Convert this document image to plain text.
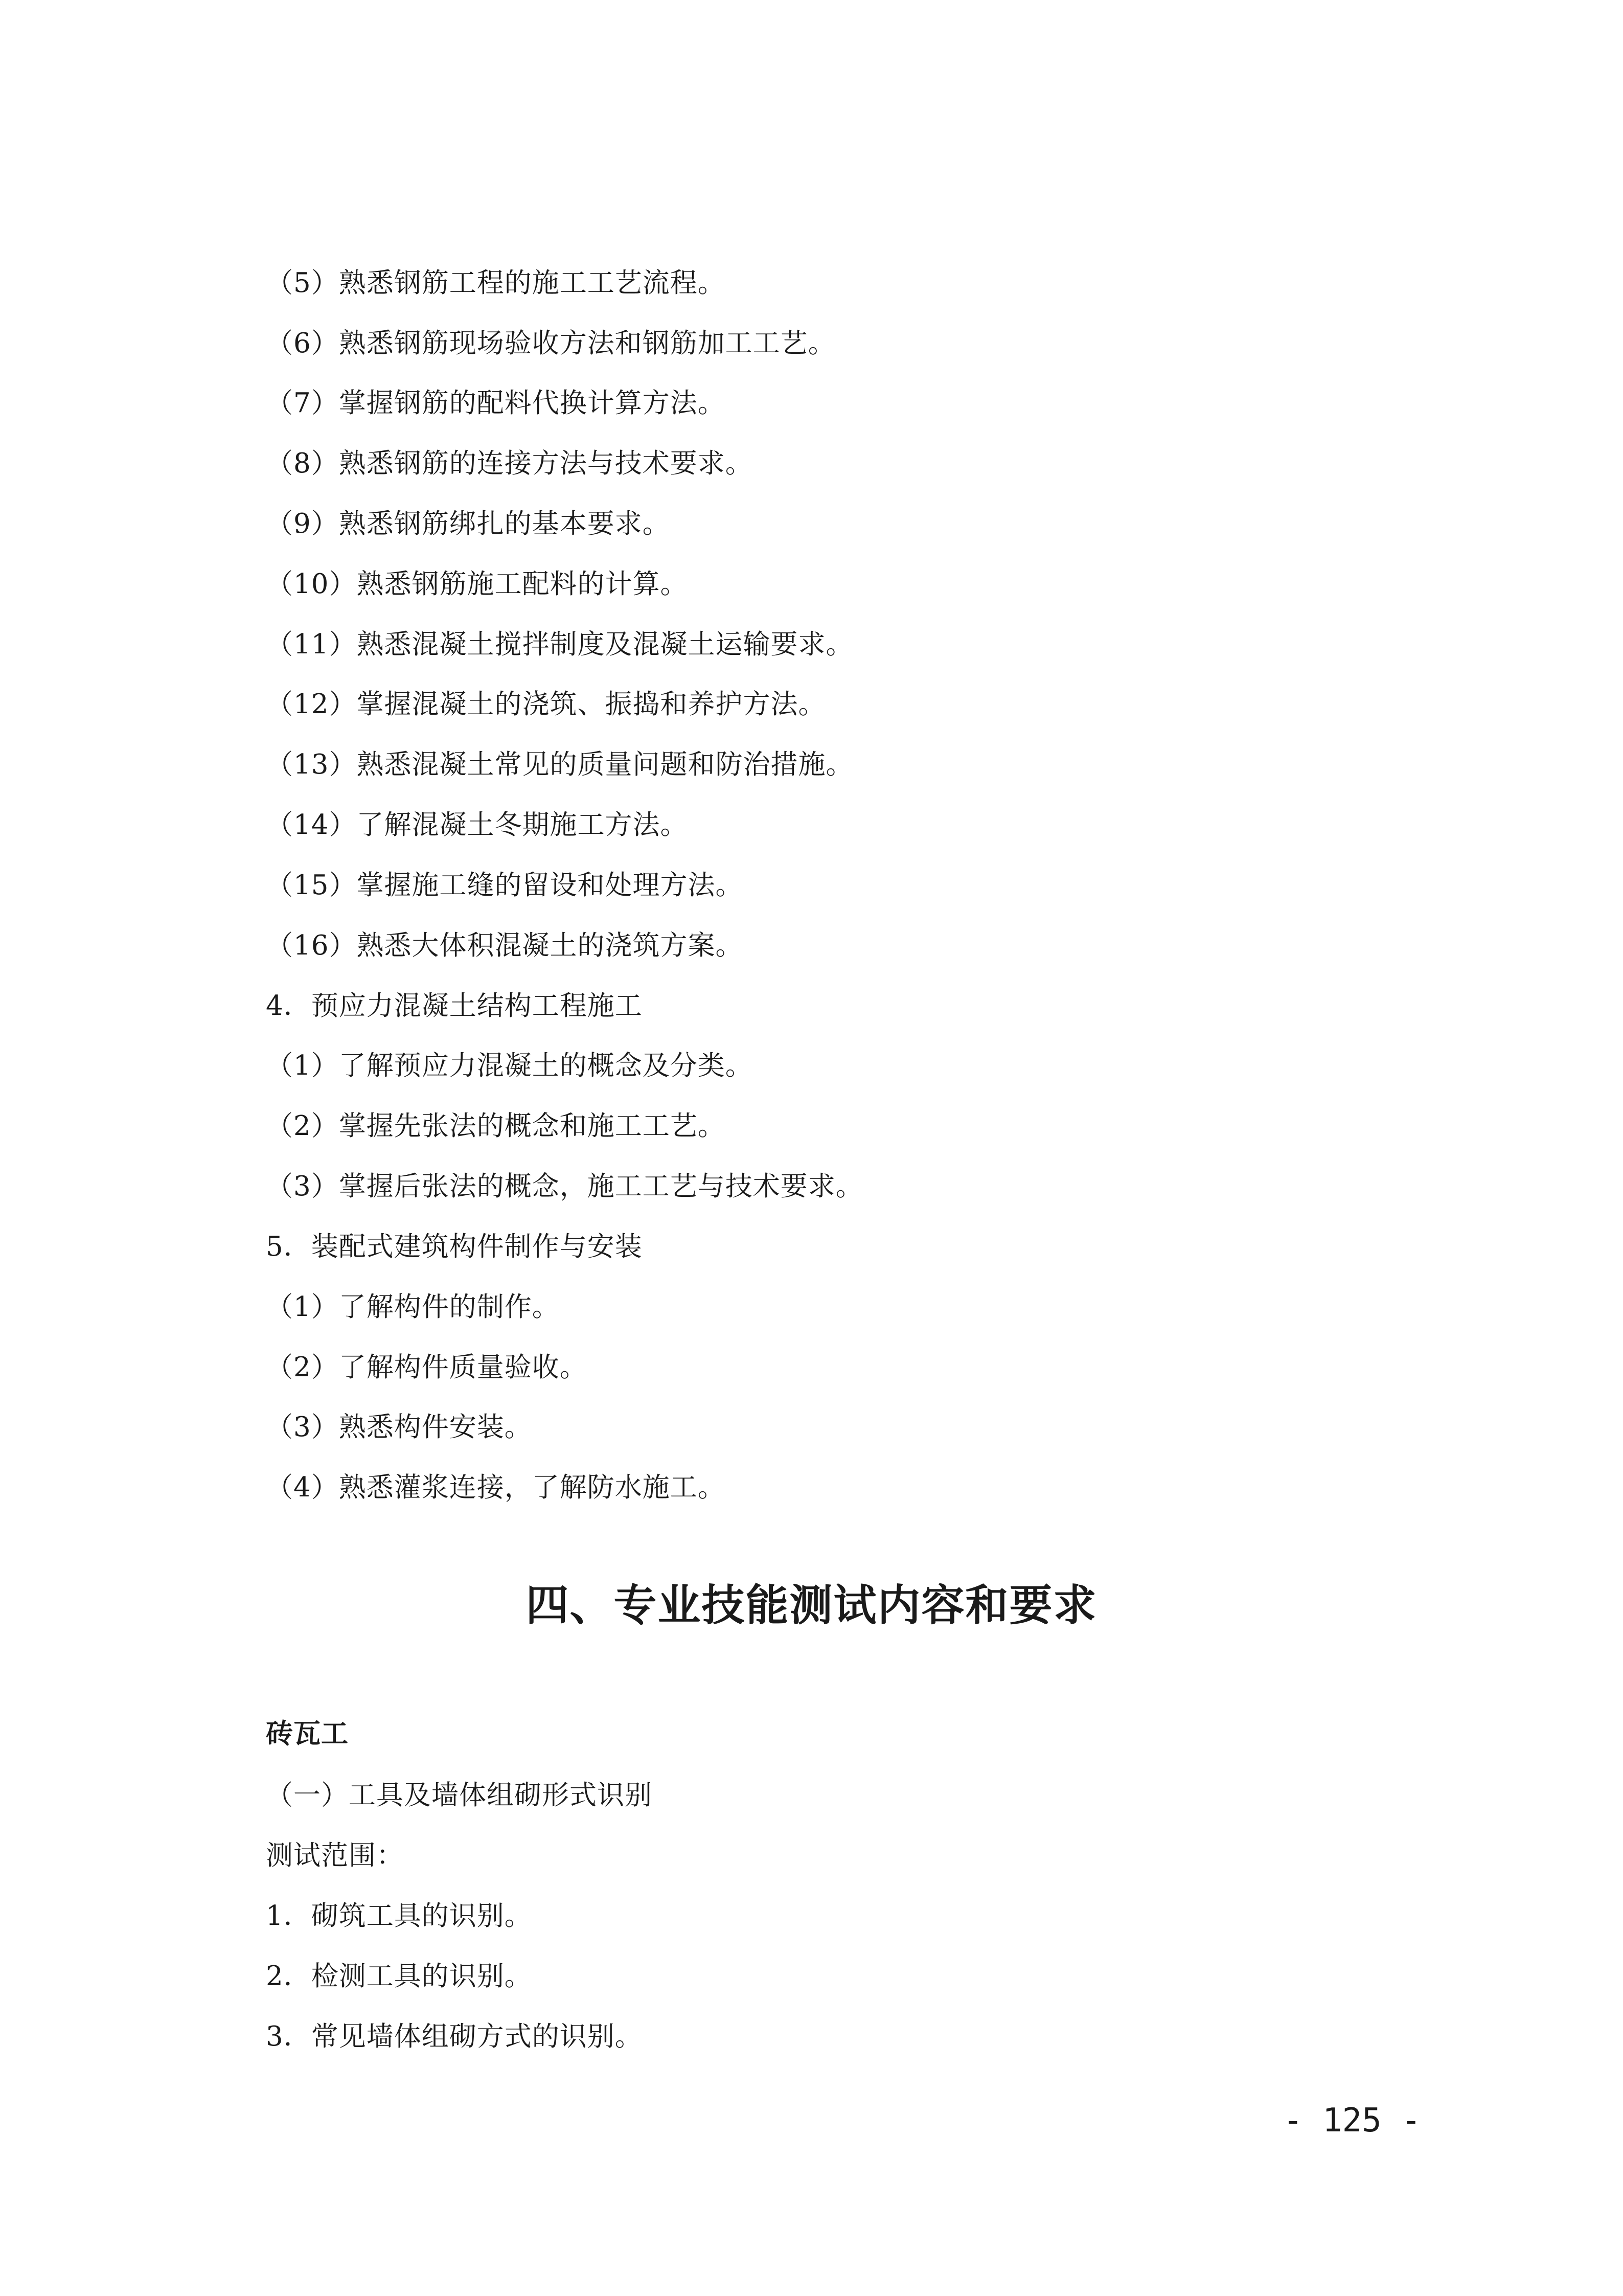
（5）熟悉钢筋工程的施工工艺流程。
（6）熟悉钢筋现场验收方法和钢筋加工工艺。
（7）掌握钢筋的配料代换计算方法。
（8）熟悉钢筋的连接方法与技术要求。
（9）熟悉钢筋绑扎的基本要求。
（10）熟悉钢筋施工配料的计算。
（11）熟悉混凝土搅拌制度及混凝土运输要求。
（12）掌握混凝土的浇筑、振捣和养护方法。
（13）熟悉混凝土常见的质量问题和防治措施。
（14）了解混凝土冬期施工方法。
（15）掌握施工缝的留设和处理方法。
（16）熟悉大体积混凝土的浇筑方案。
4．预应力混凝土结构工程施工
（1）了解预应力混凝土的概念及分类。
（2）掌握先张法的概念和施工工艺。
（3）掌握后张法的概念，施工工艺与技术要求。
5．装配式建筑构件制作与安装
（1）了解构件的制作。
（2）了解构件质量验收。
（3）熟悉构件安装。
（4）熟悉灌浆连接，了解防水施工。
四、专业技能测试内容和要求
砖瓦工
（一）工具及墙体组砌形式识别
测试范围：
1．砌筑工具的识别。
2．检测工具的识别。
3．常见墙体组砌方式的识别。
- 125 -
